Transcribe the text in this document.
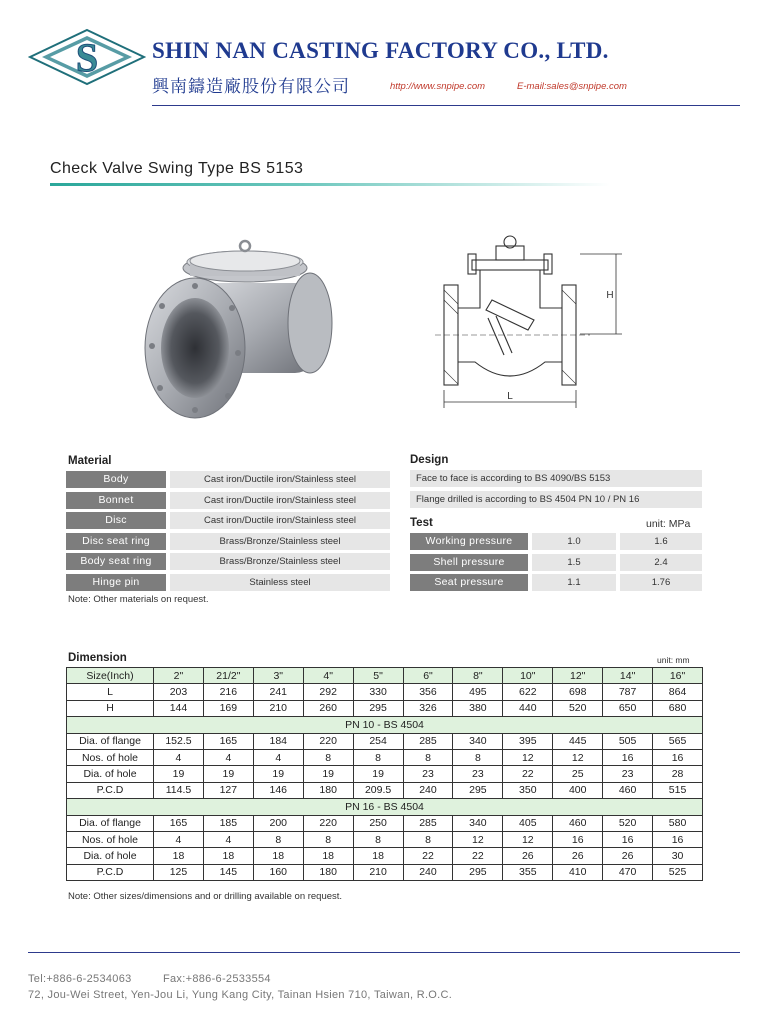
S SHIN NAN CASTING FACTORY CO., LTD.
興南鑄造廠股份有限公司	http://www.snpipe.com	E-mail:sales@snpipe.com
Check Valve Swing Type BS 5153
L
H
Material
Body	Cast iron/Ductile iron/Stainless steel
Bonnet	Cast iron/Ductile iron/Stainless steel
Disc	Cast iron/Ductile iron/Stainless steel
Disc seat ring	Brass/Bronze/Stainless steel
Body seat ring	Brass/Bronze/Stainless steel
Hinge pin	Stainless steel
Note: Other materials on request.
Design
Face to face is according to BS 4090/BS 5153
Flange drilled is according to BS 4504 PN 10 / PN 16
Test	unit: MPa
Working pressure	1.0	1.6
Shell pressure	1.5	2.4
Seat pressure	1.1	1.76
Dimension	unit: mm
Size(Inch)	2"	21/2"	3"	4"	5"	6"	8"	10"	12"	14"	16"
L	203	216	241	292	330	356	495	622	698	787	864
H	144	169	210	260	295	326	380	440	520	650	680
PN 10 - BS 4504											
Dia. of flange	152.5	165	184	220	254	285	340	395	445	505	565
Nos. of hole	4	4	4	8	8	8	8	12	12	16	16
Dia. of hole	19	19	19	19	19	23	23	22	25	23	28
P.C.D	114.5	127	146	180	209.5	240	295	350	400	460	515
PN 16 - BS 4504											
Dia. of flange	165	185	200	220	250	285	340	405	460	520	580
Nos. of hole	4	4	8	8	8	8	12	12	16	16	16
Dia. of hole	18	18	18	18	18	22	22	26	26	26	30
P.C.D	125	145	160	180	210	240	295	355	410	470	525
Note: Other sizes/dimensions and or drilling available on request.
Tel:+886-6-2534063	Fax:+886-6-2533554
72, Jou-Wei Street, Yen-Jou Li, Yung Kang City, Tainan Hsien 710, Taiwan, R.O.C.
